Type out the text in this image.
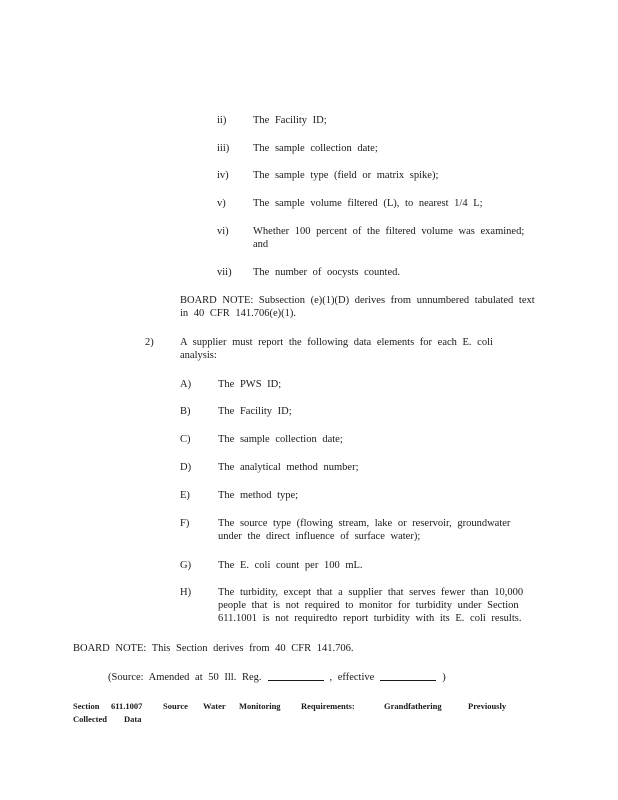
ii)	The Facility ID;
iii) The sample collection date;
iv) The sample type (field or matrix spike);
v)	The sample volume filtered (L), to nearest 1/4 L;
vi) Whether 100 percent of the filtered volume was examined; and
vii) The number of oocysts counted.
BOARD NOTE: Subsection (e)(1)(D) derives from unnumbered tabulated text in 40 CFR 141.706(e)(1).
2)	A supplier must report the following data elements for each E. coli analysis:
A)	The PWS ID;
B)	The Facility ID;
C)	The sample collection date;
D)	The analytical method number;
E)	The method type;
F)	The source type (flowing stream, lake or reservoir, groundwater under the direct influence of surface water);
G)	The E. coli count per 100 mL.
H)	The turbidity, except that a supplier that serves fewer than 10,000 people that is not required to monitor for turbidity under Section 611.1001 is not requiredto report turbidity with its E. coli results.
BOARD NOTE: This Section derives from 40 CFR 141.706.
(Source: Amended at 50 Ill. Reg.	, effective	)
Section 611.1007 Source Water Monitoring Requirements:	Grandfathering	Previously
Collected Data
